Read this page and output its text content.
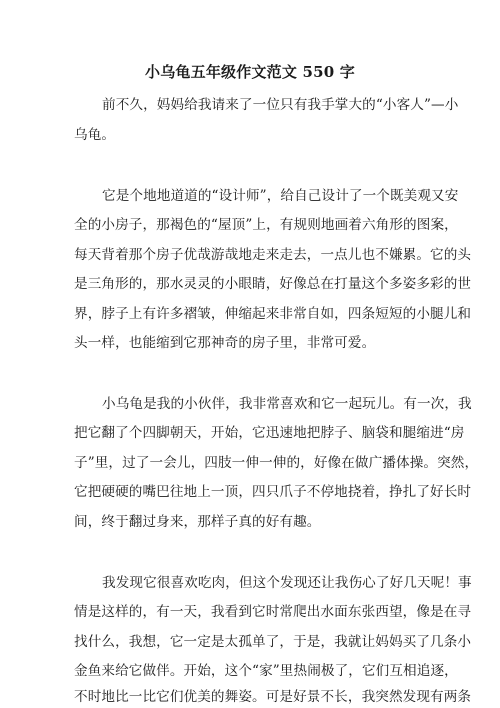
小乌龟五年级作文范文 550 字
前不久，妈妈给我请来了一位只有我手掌大的“小客人”—小
乌龟。
它是个地地道道的“设计师”，给自己设计了一个既美观又安
全的小房子，那褐色的“屋顶”上，有规则地画着六角形的图案，
每天背着那个房子优哉游哉地走来走去，一点儿也不嫌累。它的头
是三角形的，那水灵灵的小眼睛，好像总在打量这个多姿多彩的世
界，脖子上有许多褶皱，伸缩起来非常自如，四条短短的小腿儿和
头一样，也能缩到它那神奇的房子里，非常可爱。
小乌龟是我的小伙伴，我非常喜欢和它一起玩儿。有一次，我
把它翻了个四脚朝天，开始，它迅速地把脖子、脑袋和腿缩进“房
子”里，过了一会儿，四肢一伸一伸的，好像在做广播体操。突然，
它把硬硬的嘴巴往地上一顶，四只爪子不停地挠着，挣扎了好长时
间，终于翻过身来，那样子真的好有趣。
我发现它很喜欢吃肉，但这个发现还让我伤心了好几天呢！事
情是这样的，有一天，我看到它时常爬出水面东张西望，像是在寻
找什么，我想，它一定是太孤单了，于是，我就让妈妈买了几条小
金鱼来给它做伴。开始，这个“家”里热闹极了，它们互相追逐，
不时地比一比它们优美的舞姿。可是好景不长，我突然发现有两条
